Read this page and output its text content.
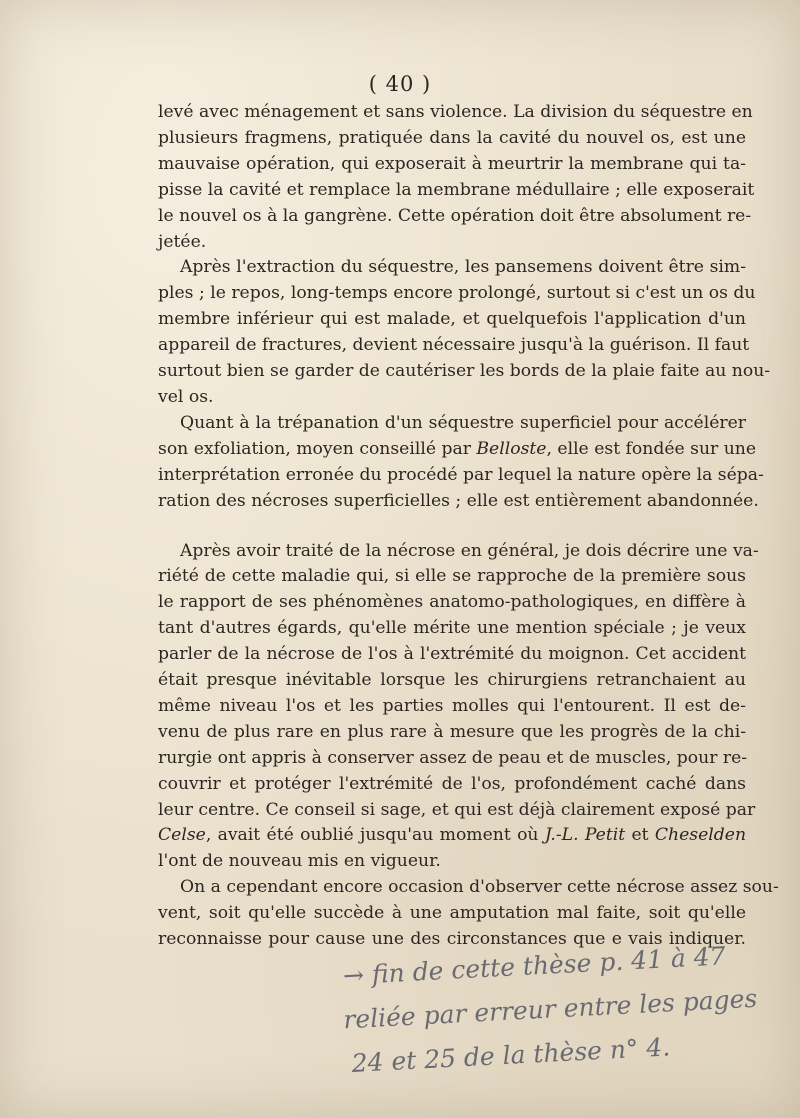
( 40 )
levé avec ménagement et sans violence. La division du séquestre en
plusieurs fragmens, pratiquée dans la cavité du nouvel os, est une
mauvaise opération, qui exposerait à meurtrir la membrane qui ta-
pisse la cavité et remplace la membrane médullaire ; elle exposerait
le nouvel os à la gangrène. Cette opération doit être absolument re-
jetée.
Après l'extraction du séquestre, les pansemens doivent être sim-
ples ; le repos, long-temps encore prolongé, surtout si c'est un os du
membre inférieur qui est malade, et quelquefois l'application d'un
appareil de fractures, devient nécessaire jusqu'à la guérison. Il faut
surtout bien se garder de cautériser les bords de la plaie faite au nou-
vel os.
Quant à la trépanation d'un séquestre superficiel pour accélérer
son exfoliation, moyen conseillé par Belloste, elle est fondée sur une
interprétation erronée du procédé par lequel la nature opère la sépa-
ration des nécroses superficielles ; elle est entièrement abandonnée.
Après avoir traité de la nécrose en général, je dois décrire une va-
riété de cette maladie qui, si elle se rapproche de la première sous
le rapport de ses phénomènes anatomo-pathologiques, en diffère à
tant d'autres égards, qu'elle mérite une mention spéciale ; je veux
parler de la nécrose de l'os à l'extrémité du moignon. Cet accident
était presque inévitable lorsque les chirurgiens retranchaient au
même niveau l'os et les parties molles qui l'entourent. Il est de-
venu de plus rare en plus rare à mesure que les progrès de la chi-
rurgie ont appris à conserver assez de peau et de muscles, pour re-
couvrir et protéger l'extrémité de l'os, profondément caché dans
leur centre. Ce conseil si sage, et qui est déjà clairement exposé par
Celse, avait été oublié jusqu'au moment où J.-L. Petit et Cheselden
l'ont de nouveau mis en vigueur.
On a cependant encore occasion d'observer cette nécrose assez sou-
vent, soit qu'elle succède à une amputation mal faite, soit qu'elle
reconnaisse pour cause une des circonstances que e vais indiquer.
→ fin de cette thèse p. 41 à 47
reliée par erreur entre les pages
24 et 25 de la thèse n° 4.
